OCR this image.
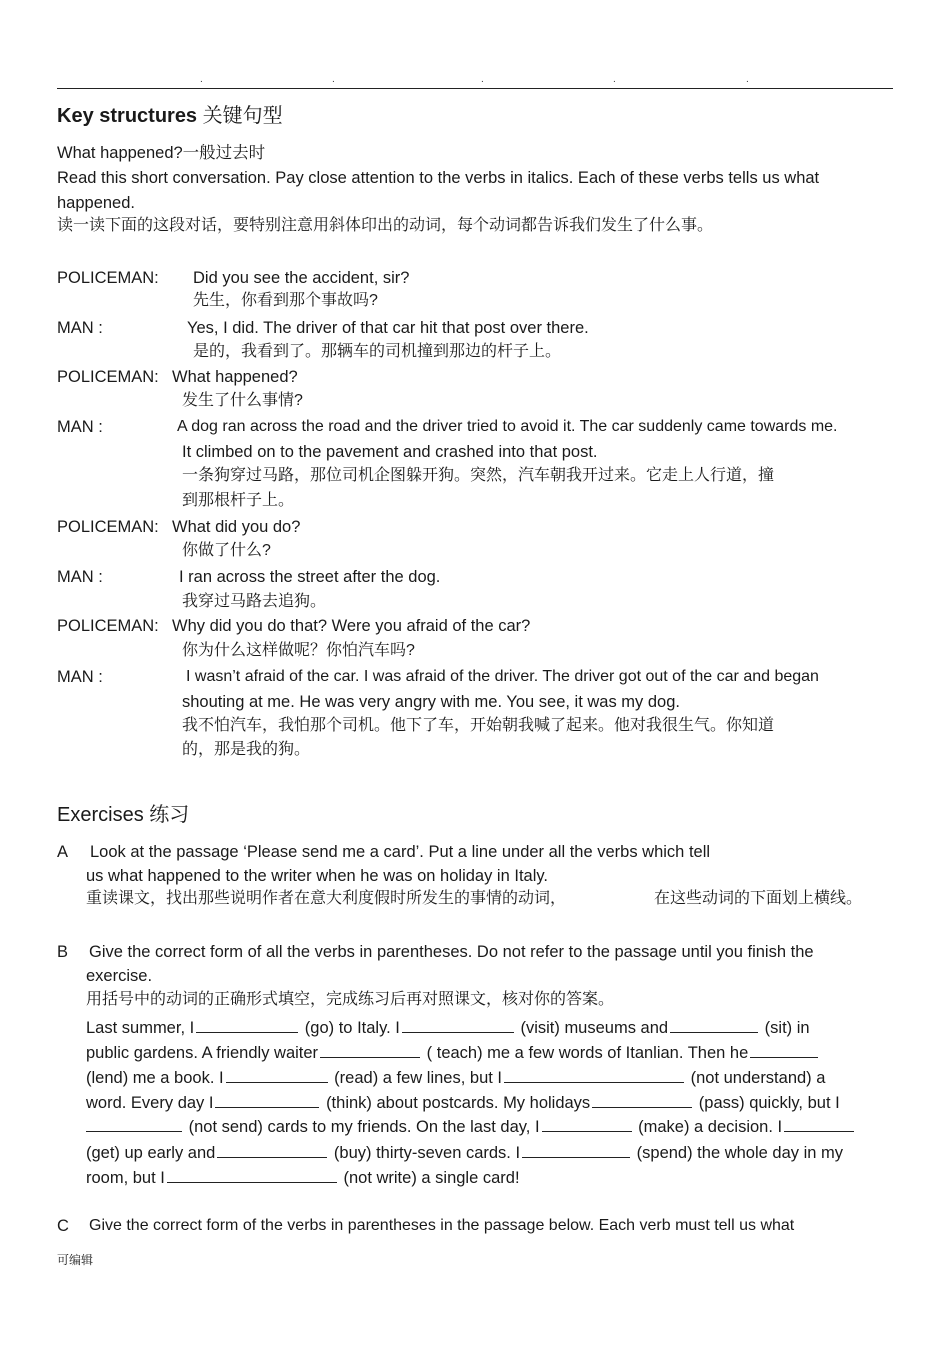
.	.	.	.	.
Key structures 关键句型
What happened?一般过去时
Read this short conversation. Pay close attention to the verbs in italics. Each of these verbs tells us what
happened.
读一读下面的这段对话，要特别注意用斜体印出的动词，每个动词都告诉我们发生了什么事。
POLICEMAN: Did you see the accident, sir?
先生，你看到那个事故吗?
MAN :	Yes, I did. The driver of that car hit that post over there.
是的，我看到了。那辆车的司机撞到那边的杆子上。
POLICEMAN: What happened?
发生了什么事情?
MAN :	A dog ran across the road and the driver tried to avoid it. The car suddenly came towards me.
It climbed on to the pavement and crashed into that post.
一条狗穿过马路，那位司机企图躲开狗。突然，汽车朝我开过来。它走上人行道，撞
到那根杆子上。
POLICEMAN: What did you do?
你做了什么?
MAN :	I ran across the street after the dog.
我穿过马路去追狗。
POLICEMAN: Why did you do that? Were you afraid of the car?
你为什么这样做呢？你怕汽车吗?
MAN :	I wasn’t afraid of the car. I was afraid of the driver. The driver got out of the car and began
shouting at me. He was very angry with me. You see, it was my dog.
我不怕汽车，我怕那个司机。他下了车，开始朝我喊了起来。他对我很生气。你知道
的，那是我的狗。
Exercises 练习
A Look at the passage ‘Please send me a card’. Put a line under all the verbs which tell
us what happened to the writer when he was on holiday in Italy.
重读课文，找出那些说明作者在意大利度假时所发生的事情的动词，	在这些动词的下面划上横线。
B Give the correct form of all the verbs in parentheses. Do not refer to the passage until you finish the
exercise.
用括号中的动词的正确形式填空，完成练习后再对照课文，核对你的答案。
Last summer, I	(go) to Italy. I	(visit) museums and	(sit) in
public gardens. A friendly waiter	( teach) me a few words of Itanlian. Then he
(lend) me a book. I	(read) a few lines, but I	(not understand) a
word. Every day I	(think) about postcards. My holidays	(pass) quickly, but I
(not send) cards to my friends. On the last day, I	(make) a decision. I
(get) up early and	(buy) thirty-seven cards. I	(spend) the whole day in my
room, but I	(not write) a single card!
C Give the correct form of the verbs in parentheses in the passage below. Each verb must tell us what
可编辑
